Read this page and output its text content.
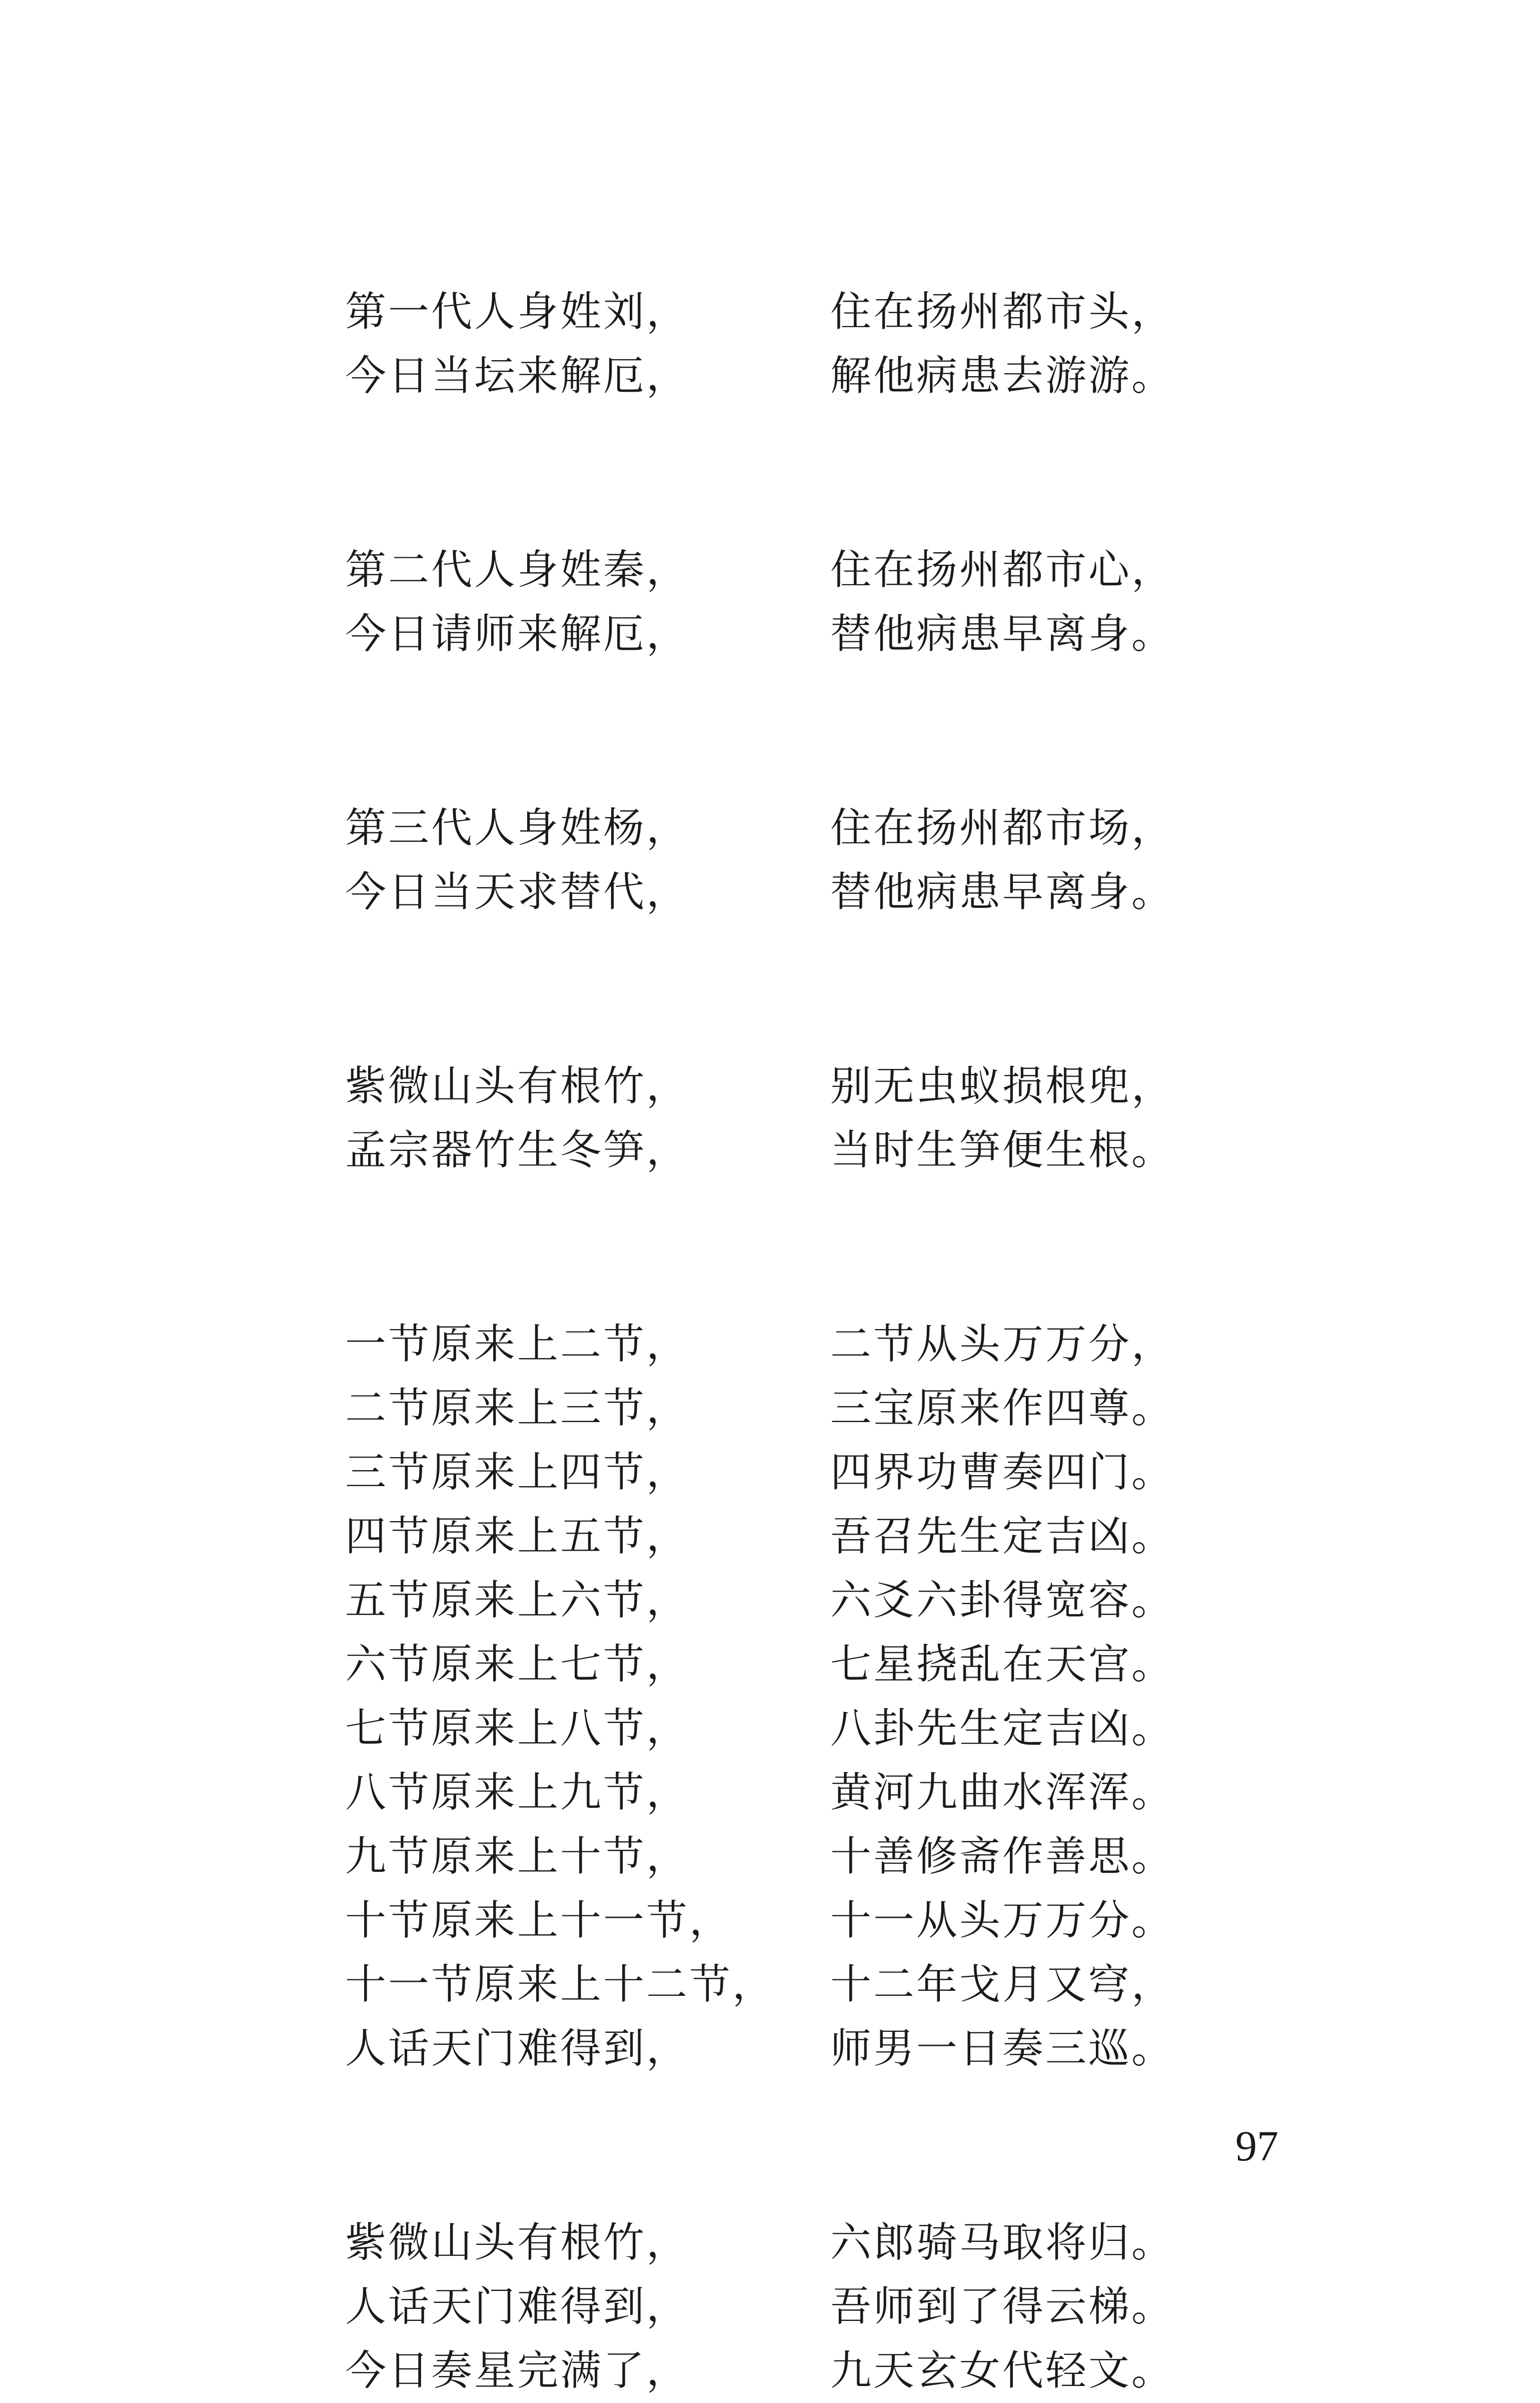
第一代人身姓刘，	住在扬州都市头，
今日当坛来解厄，	解他病患去游游。
第二代人身姓秦，	住在扬州都市心，
今日请师来解厄，	替他病患早离身。
第三代人身姓杨，	住在扬州都市场，
今日当天求替代，	替他病患早离身。
紫微山头有根竹，	别无虫蚁损根兜，
孟宗器竹生冬笋，	当时生笋便生根。
一节原来上二节，	二节从头万万分，
二节原来上三节，	三宝原来作四尊。
三节原来上四节，	四界功曹奏四门。
四节原来上五节，	吾召先生定吉凶。
五节原来上六节，	六爻六卦得宽容。
六节原来上七节，	七星挠乱在天宫。
七节原来上八节，	八卦先生定吉凶。
八节原来上九节，	黄河九曲水浑浑。
九节原来上十节，	十善修斋作善思。
十节原来上十一节， 十一从头万万分。
十一节原来上十二节， 十二年戈月又穹，
人话天门难得到，	师男一日奏三巡。
紫微山头有根竹，	六郎骑马取将归。
人话天门难得到，	吾师到了得云梯。
今日奏星完满了，	九天玄女代轻文。
97
